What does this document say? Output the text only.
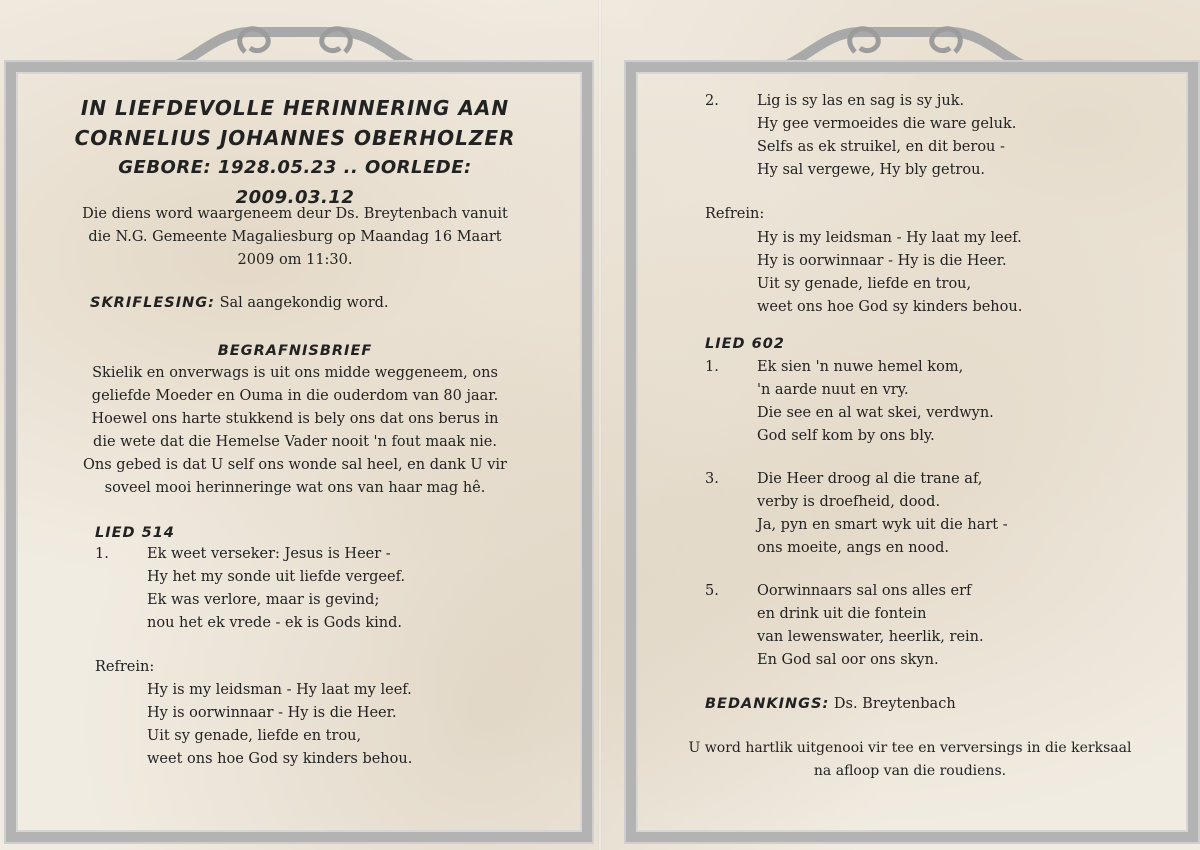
IN LIEFDEVOLLE HERINNERING AAN
CORNELIUS JOHANNES OBERHOLZER
GEBORE: 1928.05.23 .. OORLEDE: 2009.03.12
Die diens word waargeneem deur Ds. Breytenbach vanuit die N.G. Gemeente Magaliesburg op Maandag 16 Maart 2009 om 11:30.
SKRIFLESING: Sal aangekondig word.
BEGRAFNISBRIEF
Skielik en onverwags is uit ons midde weggeneem, ons geliefde Moeder en Ouma in die ouderdom van 80 jaar. Hoewel ons harte stukkend is bely ons dat ons berus in die wete dat die Hemelse Vader nooit 'n fout maak nie. Ons gebed is dat U self ons wonde sal heel, en dank U vir soveel mooi herinneringe wat ons van haar mag hê.
LIED 514
1.	Ek weet verseker: Jesus is Heer -
Hy het my sonde uit liefde vergeef.
Ek was verlore, maar is gevind;
nou het ek vrede - ek is Gods kind.
Refrein:
Hy is my leidsman - Hy laat my leef.
Hy is oorwinnaar - Hy is die Heer.
Uit sy genade, liefde en trou,
weet ons hoe God sy kinders behou.
2.	Lig is sy las en sag is sy juk.
Hy gee vermoeides die ware geluk.
Selfs as ek struikel, en dit berou -
Hy sal vergewe, Hy bly getrou.
Refrein:
Hy is my leidsman - Hy laat my leef.
Hy is oorwinnaar - Hy is die Heer.
Uit sy genade, liefde en trou,
weet ons hoe God sy kinders behou.
LIED 602
1.	Ek sien 'n nuwe hemel kom,
'n aarde nuut en vry.
Die see en al wat skei, verdwyn.
God self kom by ons bly.
3.	Die Heer droog al die trane af,
verby is droefheid, dood.
Ja, pyn en smart wyk uit die hart -
ons moeite, angs en nood.
5.	Oorwinnaars sal ons alles erf
en drink uit die fontein
van lewenswater, heerlik, rein.
En God sal oor ons skyn.
BEDANKINGS: Ds. Breytenbach
U word hartlik uitgenooi vir tee en verversings in die kerksaal
na afloop van die roudiens.
